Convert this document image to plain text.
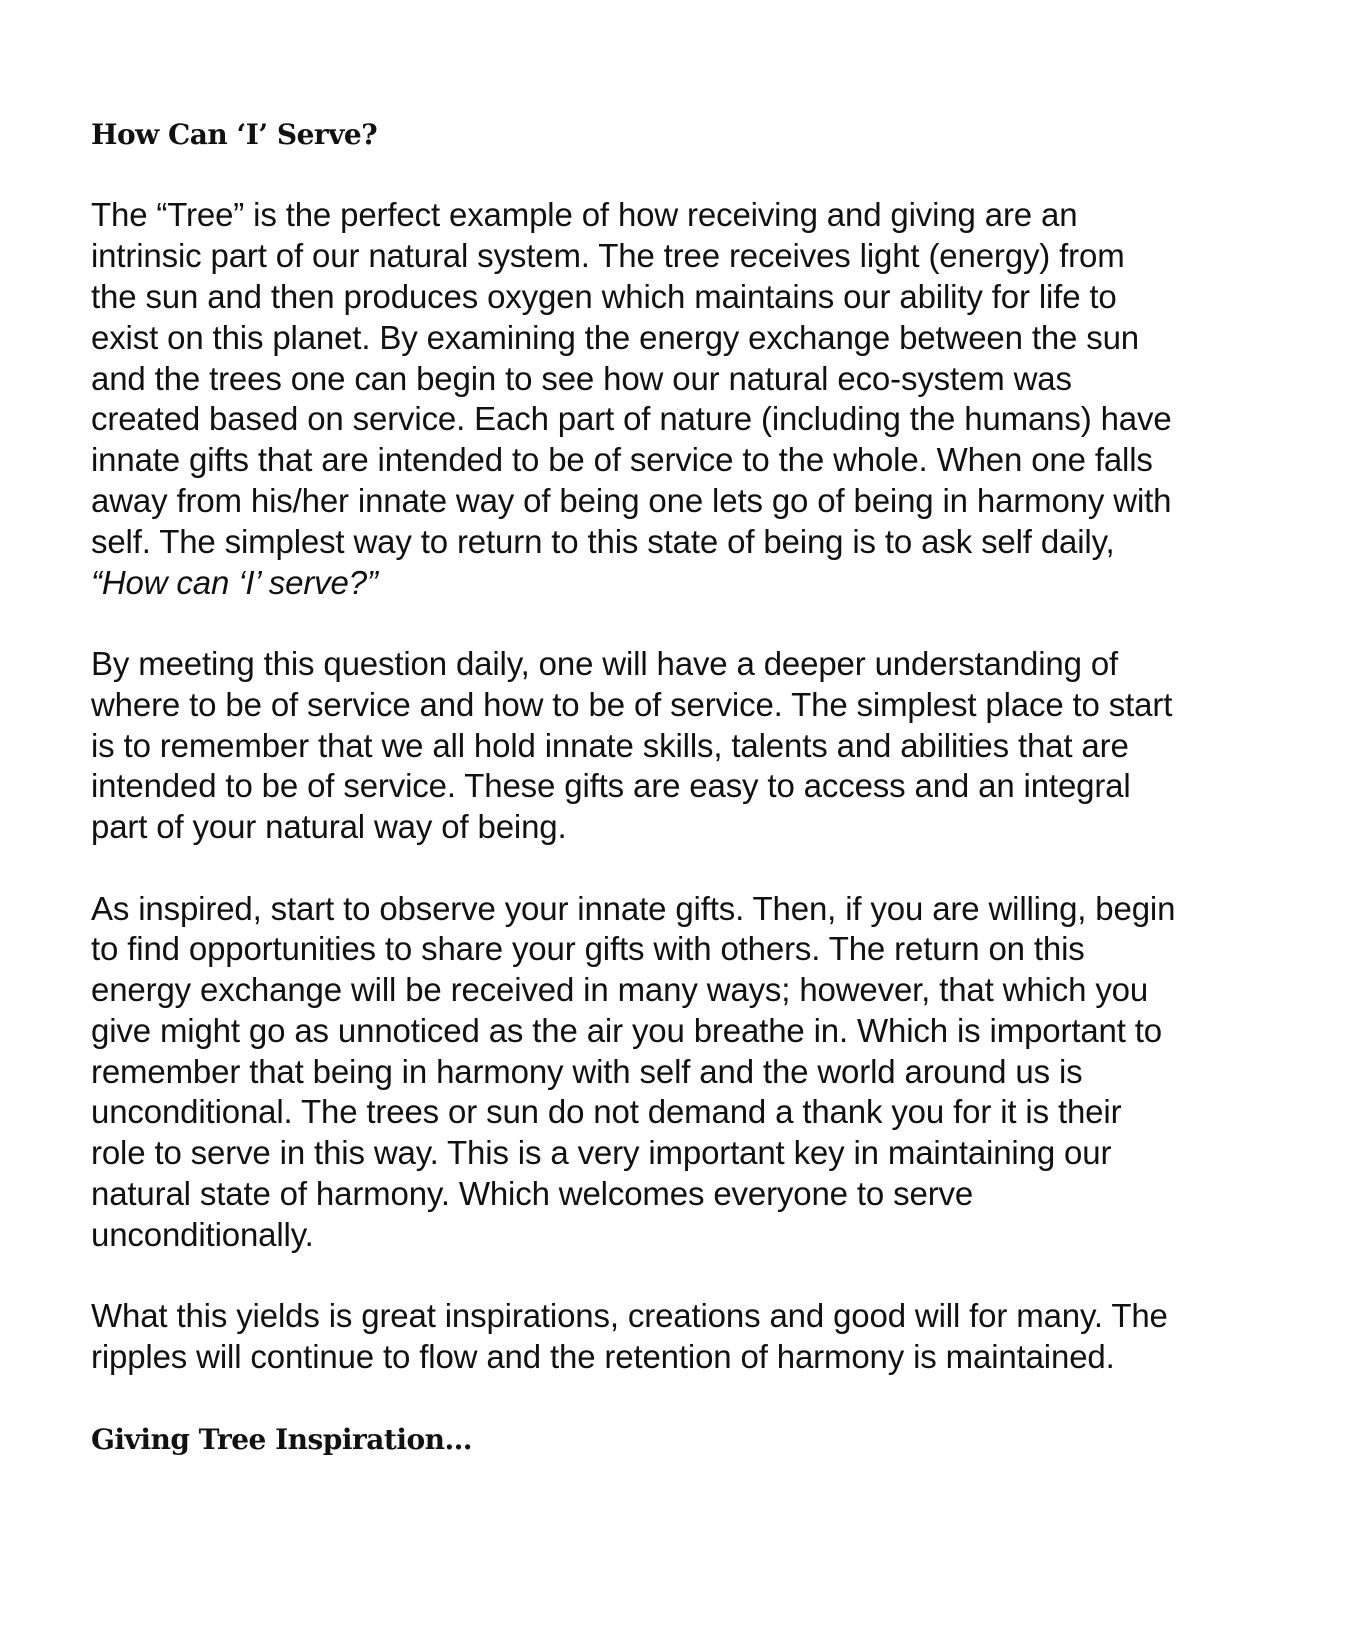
How Can ‘I’ Serve?
The “Tree” is the perfect example of how receiving and giving are an
intrinsic part of our natural system. The tree receives light (energy) from
the sun and then produces oxygen which maintains our ability for life to
exist on this planet. By examining the energy exchange between the sun
and the trees one can begin to see how our natural eco-system was
created based on service. Each part of nature (including the humans) have
innate gifts that are intended to be of service to the whole. When one falls
away from his/her innate way of being one lets go of being in harmony with
self. The simplest way to return to this state of being is to ask self daily,
“How can ‘I’ serve?”
By meeting this question daily, one will have a deeper understanding of
where to be of service and how to be of service. The simplest place to start
is to remember that we all hold innate skills, talents and abilities that are
intended to be of service. These gifts are easy to access and an integral
part of your natural way of being.
As inspired, start to observe your innate gifts. Then, if you are willing, begin
to find opportunities to share your gifts with others. The return on this
energy exchange will be received in many ways; however, that which you
give might go as unnoticed as the air you breathe in. Which is important to
remember that being in harmony with self and the world around us is
unconditional. The trees or sun do not demand a thank you for it is their
role to serve in this way. This is a very important key in maintaining our
natural state of harmony. Which welcomes everyone to serve
unconditionally.
What this yields is great inspirations, creations and good will for many. The
ripples will continue to flow and the retention of harmony is maintained.
Giving Tree Inspiration…
